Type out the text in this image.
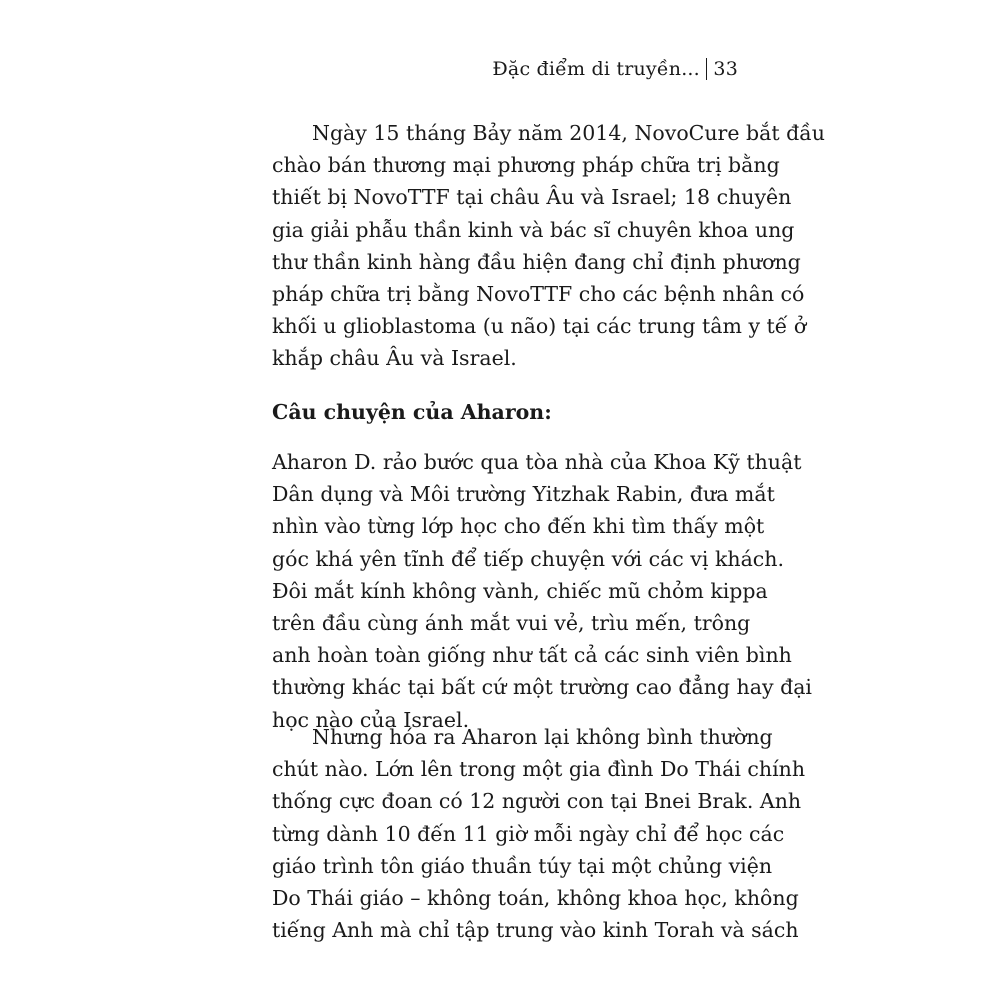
Đặc điểm di truyền... 33
Ngày 15 tháng Bảy năm 2014, NovoCure bắt đầu
chào bán thương mại phương pháp chữa trị bằng
thiết bị NovoTTF tại châu Âu và Israel; 18 chuyên
gia giải phẫu thần kinh và bác sĩ chuyên khoa ung
thư thần kinh hàng đầu hiện đang chỉ định phương
pháp chữa trị bằng NovoTTF cho các bệnh nhân có
khối u glioblastoma (u não) tại các trung tâm y tế ở
khắp châu Âu và Israel.
Câu chuyện của Aharon:
Aharon D. rảo bước qua tòa nhà của Khoa Kỹ thuật
Dân dụng và Môi trường Yitzhak Rabin, đưa mắt
nhìn vào từng lớp học cho đến khi tìm thấy một
góc khá yên tĩnh để tiếp chuyện với các vị khách.
Đôi mắt kính không vành, chiếc mũ chỏm kippa
trên đầu cùng ánh mắt vui vẻ, trìu mến, trông
anh hoàn toàn giống như tất cả các sinh viên bình
thường khác tại bất cứ một trường cao đẳng hay đại
học nào của Israel.
Nhưng hóa ra Aharon lại không bình thường
chút nào. Lớn lên trong một gia đình Do Thái chính
thống cực đoan có 12 người con tại Bnei Brak. Anh
từng dành 10 đến 11 giờ mỗi ngày chỉ để học các
giáo trình tôn giáo thuần túy tại một chủng viện
Do Thái giáo – không toán, không khoa học, không
tiếng Anh mà chỉ tập trung vào kinh Torah và sách
